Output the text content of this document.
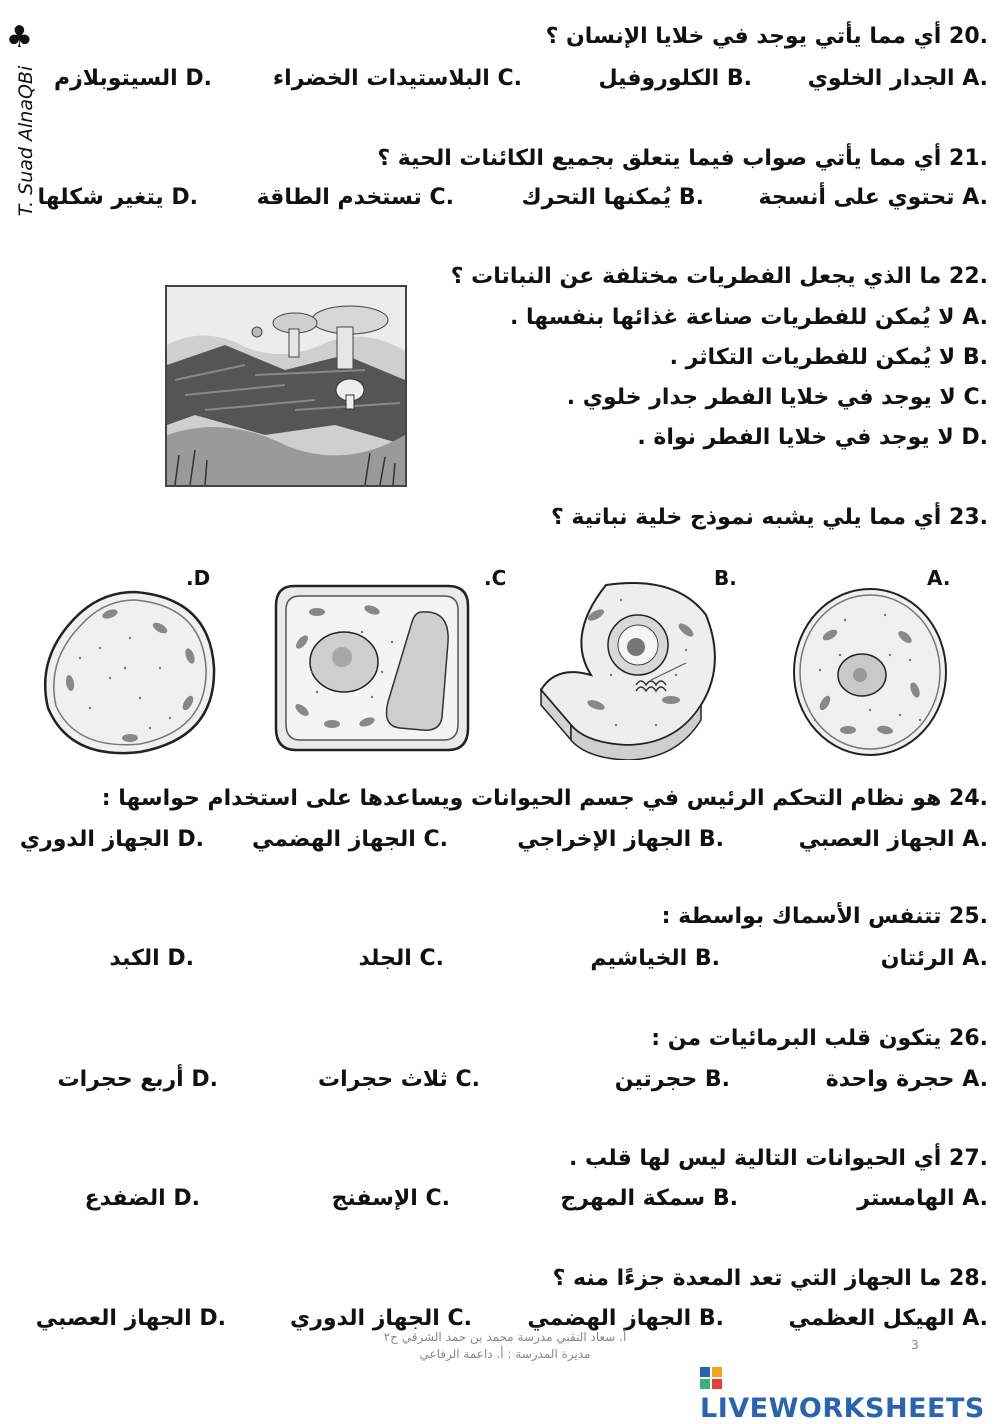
♣
T. Suad AlnaQBi
20. أي مما يأتي يوجد في خلايا الإنسان ؟
A. الجدار الخلوي
B. الكلوروفيل
C. البلاستيدات الخضراء
D. السيتوبلازم
21. أي مما يأتي صواب فيما يتعلق بجميع الكائنات الحية ؟
A. تحتوي على أنسجة
B. يُمكنها التحرك
C. تستخدم الطاقة
D. يتغير شكلها
22. ما الذي يجعل الفطريات مختلفة عن النباتات ؟
A. لا يُمكن للفطريات صناعة غذائها بنفسها .
B. لا يُمكن للفطريات التكاثر .
C. لا يوجد في خلايا الفطر جدار خلوي .
D. لا يوجد في خلايا الفطر نواة .
23. أي مما يلي يشبه نموذج خلية نباتية ؟
A.
B.
.C
.D
24. هو نظام التحكم الرئيس في جسم الحيوانات ويساعدها على استخدام حواسها :
A. الجهاز العصبي
B. الجهاز الإخراجي
C. الجهاز الهضمي
D. الجهاز الدوري
25. تتنفس الأسماك بواسطة :
A. الرئتان
B. الخياشيم
C. الجلد
D. الكبد
26. يتكون قلب البرمائيات من :
A. حجرة واحدة
B. حجرتين
C. ثلاث حجرات
D. أربع حجرات
27. أي الحيوانات التالية ليس لها قلب .
A. الهامستر
B. سمكة المهرج
C. الإسفنج
D. الضفدع
28. ما الجهاز التي تعد المعدة جزءًا منه ؟
A. الهيكل العظمي
B. الجهاز الهضمي
C. الجهاز الدوري
D. الجهاز العصبي
أ. سعاد النقبي مدرسة محمد بن حمد الشرقي ح٢
مديرة المدرسة : أ. داعمة الرفاعي
3
LIVEWORKSHEETS
